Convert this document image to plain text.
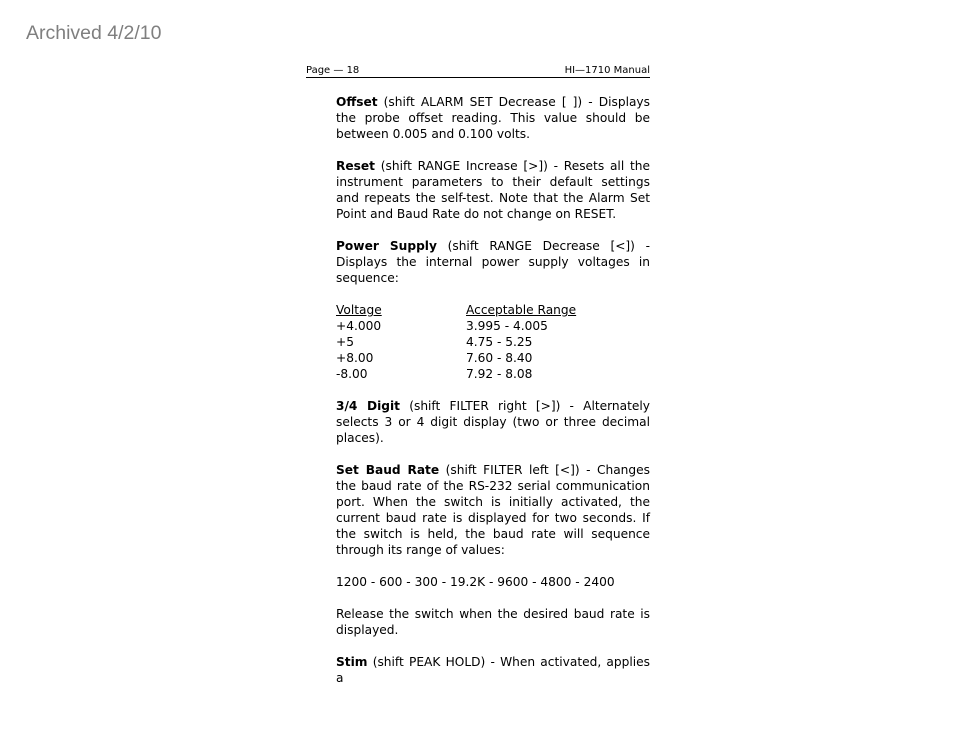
Archived 4/2/10
Page — 18	HI—1710 Manual

Offset (shift ALARM SET Decrease [ ]) - Displays the probe offset reading. This value should be between 0.005 and 0.100 volts.

Reset (shift RANGE Increase [>]) - Resets all the instrument parameters to their default settings and repeats the self-test. Note that the Alarm Set Point and Baud Rate do not change on RESET.

Power Supply (shift RANGE Decrease [<]) - Displays the internal power supply voltages in sequence:

Voltage	Acceptable Range
+4.000	3.995 - 4.005
+5	4.75 - 5.25
+8.00	7.60 - 8.40
-8.00	7.92 - 8.08

3/4 Digit (shift FILTER right [>]) - Alternately selects 3 or 4 digit display (two or three decimal places).

Set Baud Rate (shift FILTER left [<]) - Changes the baud rate of the RS-232 serial communication port. When the switch is initially activated, the current baud rate is displayed for two seconds. If the switch is held, the baud rate will sequence through its range of values:

1200 - 600 - 300 - 19.2K - 9600 - 4800 - 2400

Release the switch when the desired baud rate is displayed.

Stim (shift PEAK HOLD) - When activated, applies a
